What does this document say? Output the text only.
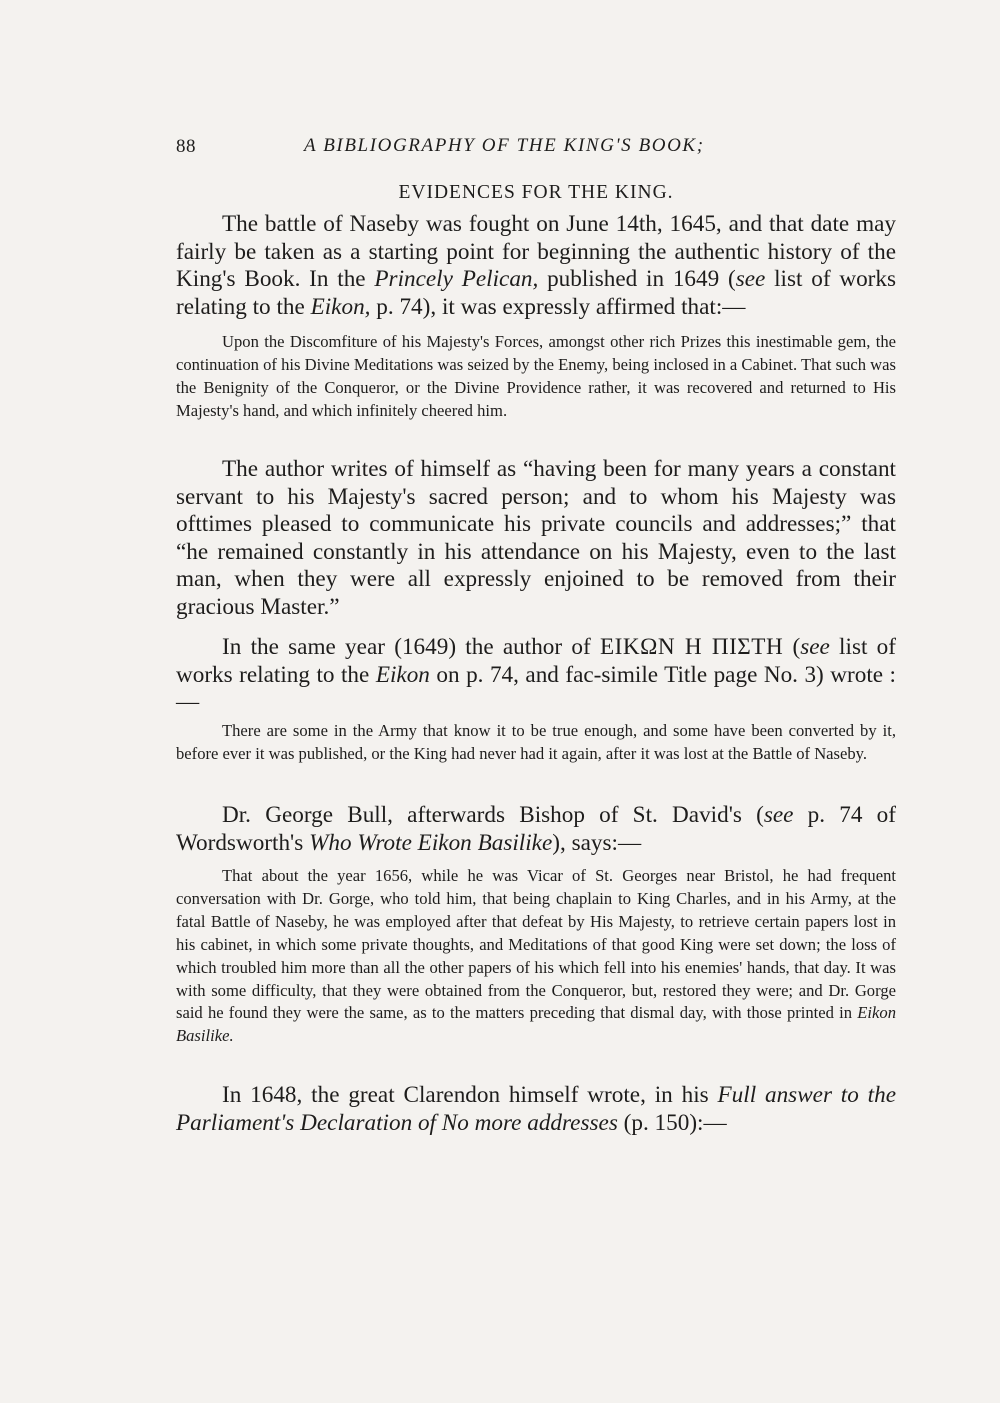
88	A BIBLIOGRAPHY OF THE KING'S BOOK;
EVIDENCES FOR THE KING.

The battle of Naseby was fought on June 14th, 1645, and that date may fairly be taken as a starting point for beginning the authentic history of the King's Book. In the Princely Pelican, published in 1649 (see list of works relating to the Eikon, p. 74), it was expressly affirmed that:—

Upon the Discomfiture of his Majesty's Forces, amongst other rich Prizes this inestimable gem, the continuation of his Divine Meditations was seized by the Enemy, being inclosed in a Cabinet. That such was the Benignity of the Conqueror, or the Divine Providence rather, it was recovered and returned to His Majesty's hand, and which infinitely cheered him.

The author writes of himself as “having been for many years a constant servant to his Majesty's sacred person; and to whom his Majesty was ofttimes pleased to communicate his private councils and addresses;” that “he remained constantly in his attendance on his Majesty, even to the last man, when they were all expressly enjoined to be removed from their gracious Master.”

In the same year (1649) the author of ΕΙΚΩΝ Η ΠΙΣΤΗ (see list of works relating to the Eikon on p. 74, and fac-simile Title page No. 3) wrote :—

There are some in the Army that know it to be true enough, and some have been converted by it, before ever it was published, or the King had never had it again, after it was lost at the Battle of Naseby.

Dr. George Bull, afterwards Bishop of St. David's (see p. 74 of Wordsworth's Who Wrote Eikon Basilike), says:—

That about the year 1656, while he was Vicar of St. Georges near Bristol, he had frequent conversation with Dr. Gorge, who told him, that being chaplain to King Charles, and in his Army, at the fatal Battle of Naseby, he was employed after that defeat by His Majesty, to retrieve certain papers lost in his cabinet, in which some private thoughts, and Meditations of that good King were set down; the loss of which troubled him more than all the other papers of his which fell into his enemies' hands, that day. It was with some difficulty, that they were obtained from the Conqueror, but, restored they were; and Dr. Gorge said he found they were the same, as to the matters preceding that dismal day, with those printed in Eikon Basilike.

In 1648, the great Clarendon himself wrote, in his Full answer to the Parliament's Declaration of No more addresses (p. 150):—
